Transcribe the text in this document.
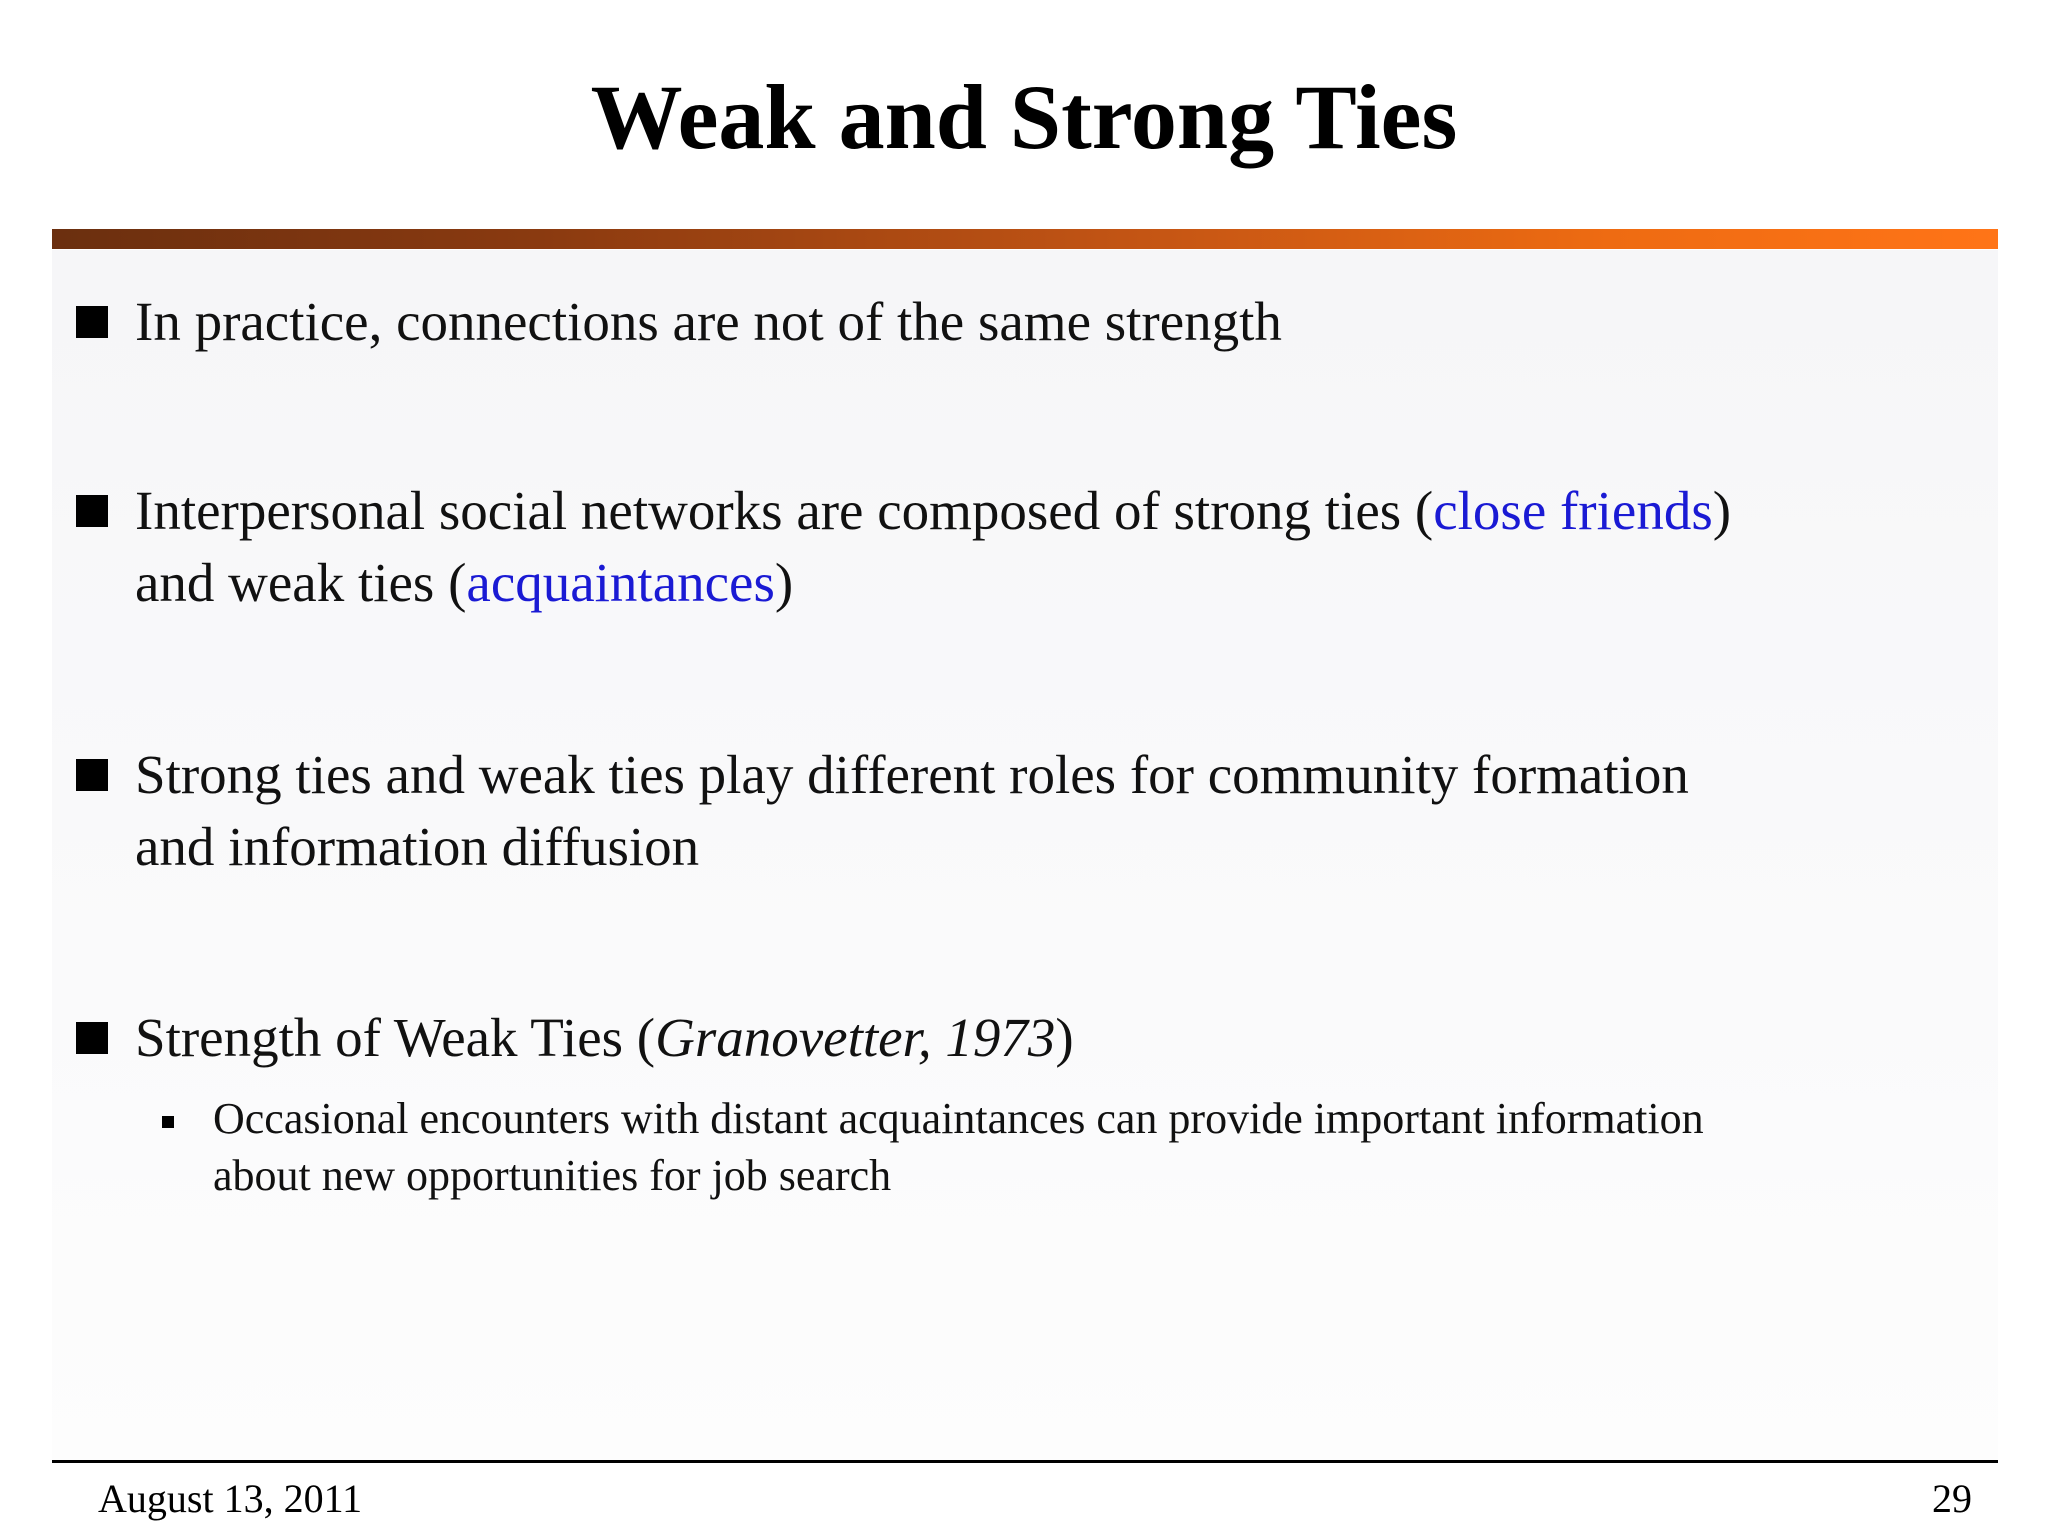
Weak and Strong Ties
In practice, connections are not of the same strength
Interpersonal social networks are composed of strong ties (close friends)
and weak ties (acquaintances)
Strong ties and weak ties play different roles for community formation
and information diffusion
Strength of Weak Ties (Granovetter, 1973)
Occasional encounters with distant acquaintances can provide important information
about new opportunities for job search
August 13, 2011	29
